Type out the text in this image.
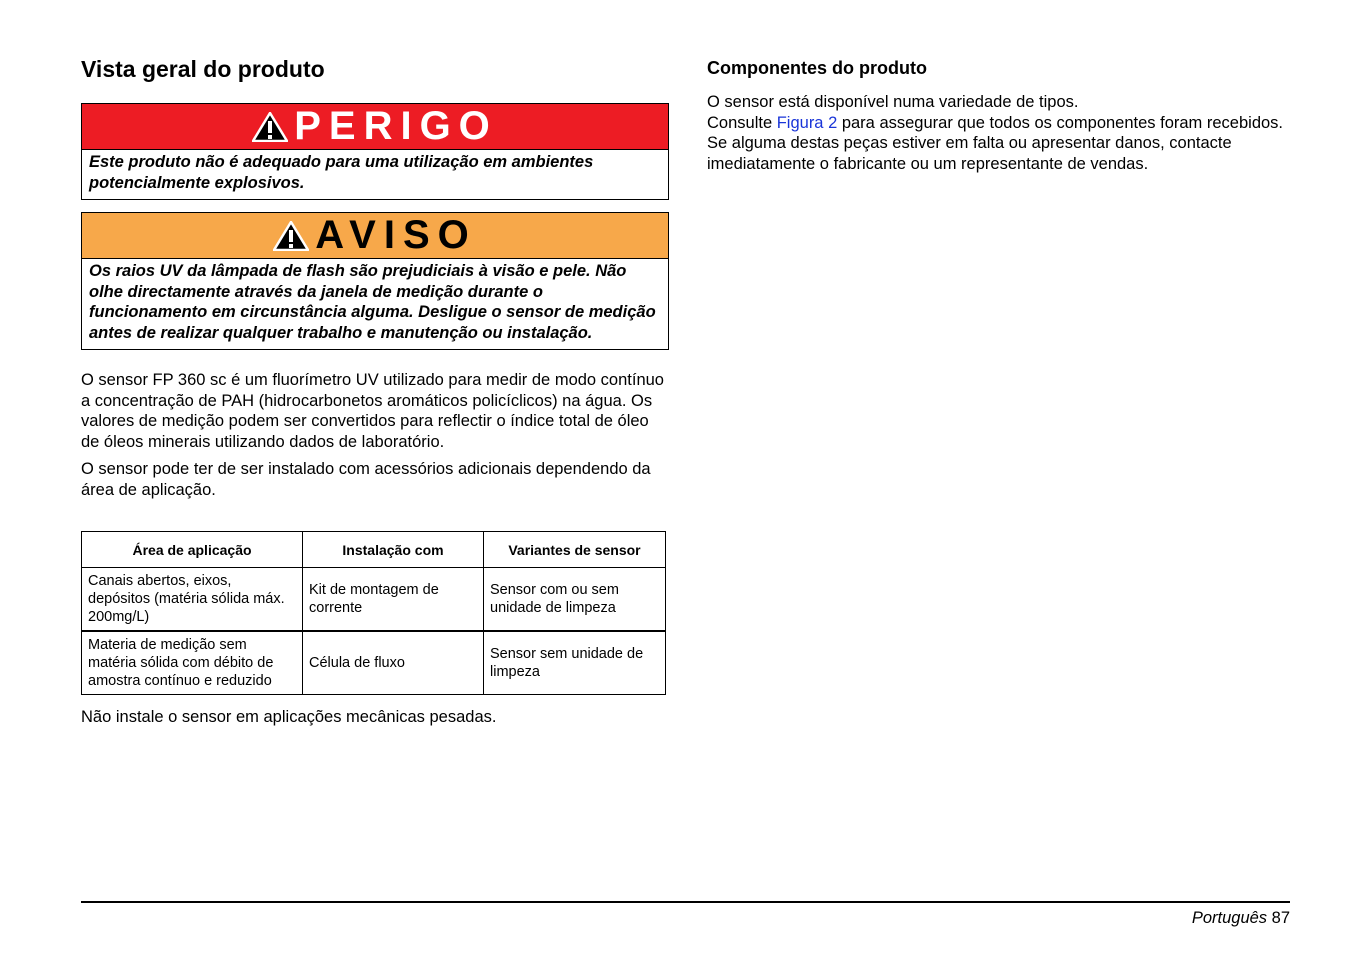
Vista geral do produto
PERIGO
Este produto não é adequado para uma utilização em ambientes potencialmente explosivos.
AVISO
Os raios UV da lâmpada de flash são prejudiciais à visão e pele. Não olhe directamente através da janela de medição durante o funcionamento em circunstância alguma. Desligue o sensor de medição antes de realizar qualquer trabalho e manutenção ou instalação.

O sensor FP 360 sc é um fluorímetro UV utilizado para medir de modo contínuo a concentração de PAH (hidrocarbonetos aromáticos policíclicos) na água. Os valores de medição podem ser convertidos para reflectir o índice total de óleo de óleos minerais utilizando dados de laboratório.

O sensor pode ter de ser instalado com acessórios adicionais dependendo da área de aplicação.

Área de aplicação	Instalação com	Variantes de sensor
Canais abertos, eixos, depósitos (matéria sólida máx. 200mg/L)	Kit de montagem de corrente	Sensor com ou sem unidade de limpeza
Materia de medição sem matéria sólida com débito de amostra contínuo e reduzido	Célula de fluxo	Sensor sem unidade de limpeza

Não instale o sensor em aplicações mecânicas pesadas.

Componentes do produto

O sensor está disponível numa variedade de tipos.

Consulte Figura 2 para assegurar que todos os componentes foram recebidos. Se alguma destas peças estiver em falta ou apresentar danos, contacte imediatamente o fabricante ou um representante de vendas.

Português 87
